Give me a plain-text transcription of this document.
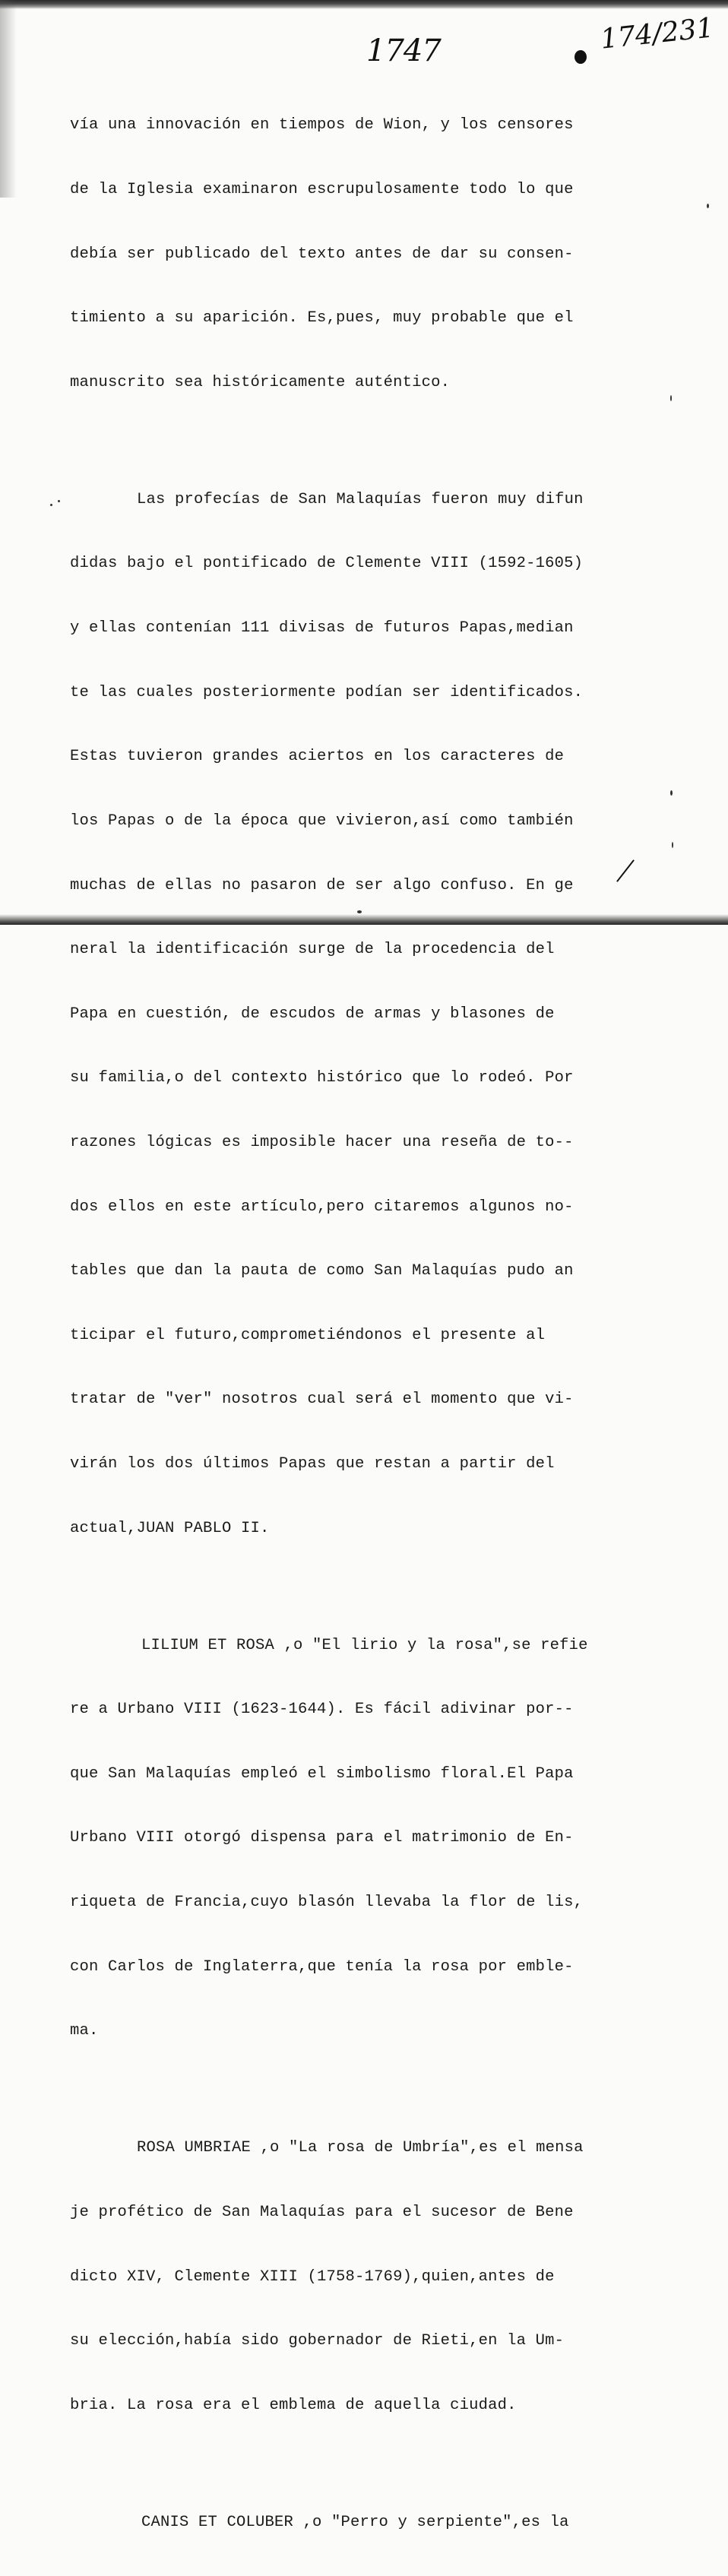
1747	174/231

vía una innovación en tiempos de Wion, y los censores

de la Iglesia examinaron escrupulosamente todo lo que

debía ser publicado del texto antes de dar su consen-

timiento a su aparición. Es,pues, muy probable que el

manuscrito sea históricamente auténtico.

Las profecías de San Malaquías fueron muy difun

didas bajo el pontificado de Clemente VIII (1592-1605)

y ellas contenían 111 divisas de futuros Papas,median

te las cuales posteriormente podían ser identificados.

Estas tuvieron grandes aciertos en los caracteres de

los Papas o de la época que vivieron,así como también

muchas de ellas no pasaron de ser algo confuso. En ge

neral la identificación surge de la procedencia del

Papa en cuestión, de escudos de armas y blasones de

su familia,o del contexto histórico que lo rodeó. Por

razones lógicas es imposible hacer una reseña de to--

dos ellos en este artículo,pero citaremos algunos no-

tables que dan la pauta de como San Malaquías pudo an

ticipar el futuro,comprometiéndonos el presente al

tratar de "ver" nosotros cual será el momento que vi-

virán los dos últimos Papas que restan a partir del

actual,JUAN PABLO II.

LILIUM ET ROSA ,o "El lirio y la rosa",se refie

re a Urbano VIII (1623-1644). Es fácil adivinar por--

que San Malaquías empleó el simbolismo floral.El Papa

Urbano VIII otorgó dispensa para el matrimonio de En-

riqueta de Francia,cuyo blasón llevaba la flor de lis,

con Carlos de Inglaterra,que tenía la rosa por emble-

ma.

ROSA UMBRIAE ,o "La rosa de Umbría",es el mensa

je profético de San Malaquías para el sucesor de Bene

dicto XIV, Clemente XIII (1758-1769),quien,antes de

su elección,había sido gobernador de Rieti,en la Um-

bria. La rosa era el emblema de aquella ciudad.

CANIS ET COLUBER ,o "Perro y serpiente",es la
